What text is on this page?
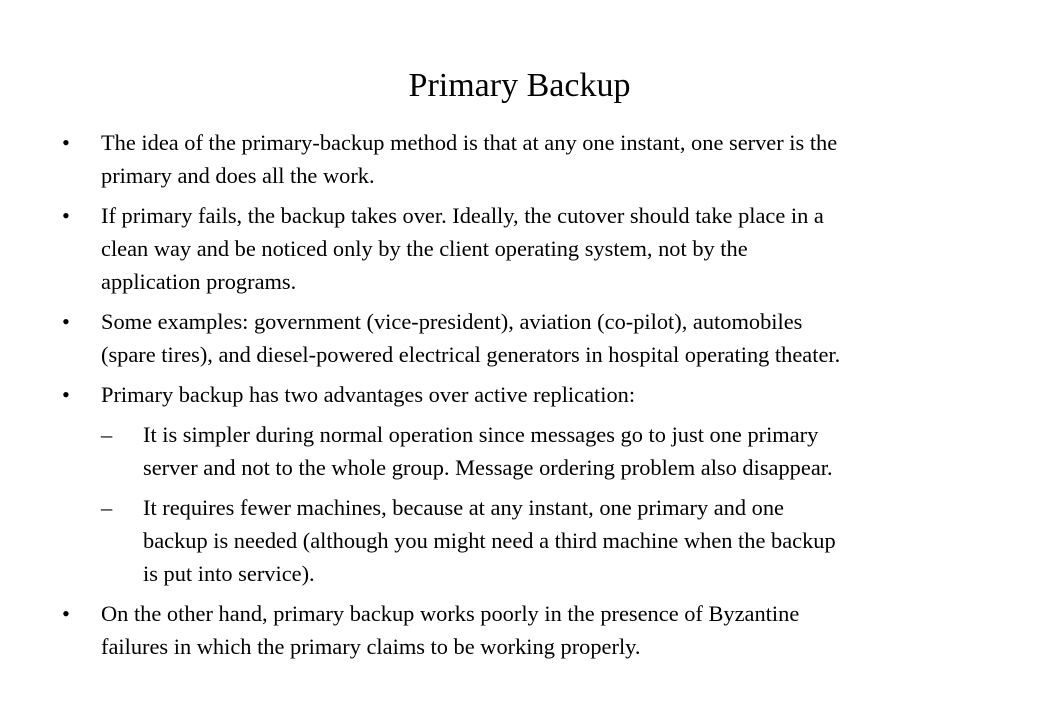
Primary Backup
• The idea of the primary-backup method is that at any one instant, one server is the
primary and does all the work.
• If primary fails, the backup takes over. Ideally, the cutover should take place in a
clean way and be noticed only by the client operating system, not by the
application programs.
• Some examples: government (vice-president), aviation (co-pilot), automobiles
(spare tires), and diesel-powered electrical generators in hospital operating theater.
• Primary backup has two advantages over active replication:
– It is simpler during normal operation since messages go to just one primary
server and not to the whole group. Message ordering problem also disappear.
– It requires fewer machines, because at any instant, one primary and one
backup is needed (although you might need a third machine when the backup
is put into service).
• On the other hand, primary backup works poorly in the presence of Byzantine
failures in which the primary claims to be working properly.
